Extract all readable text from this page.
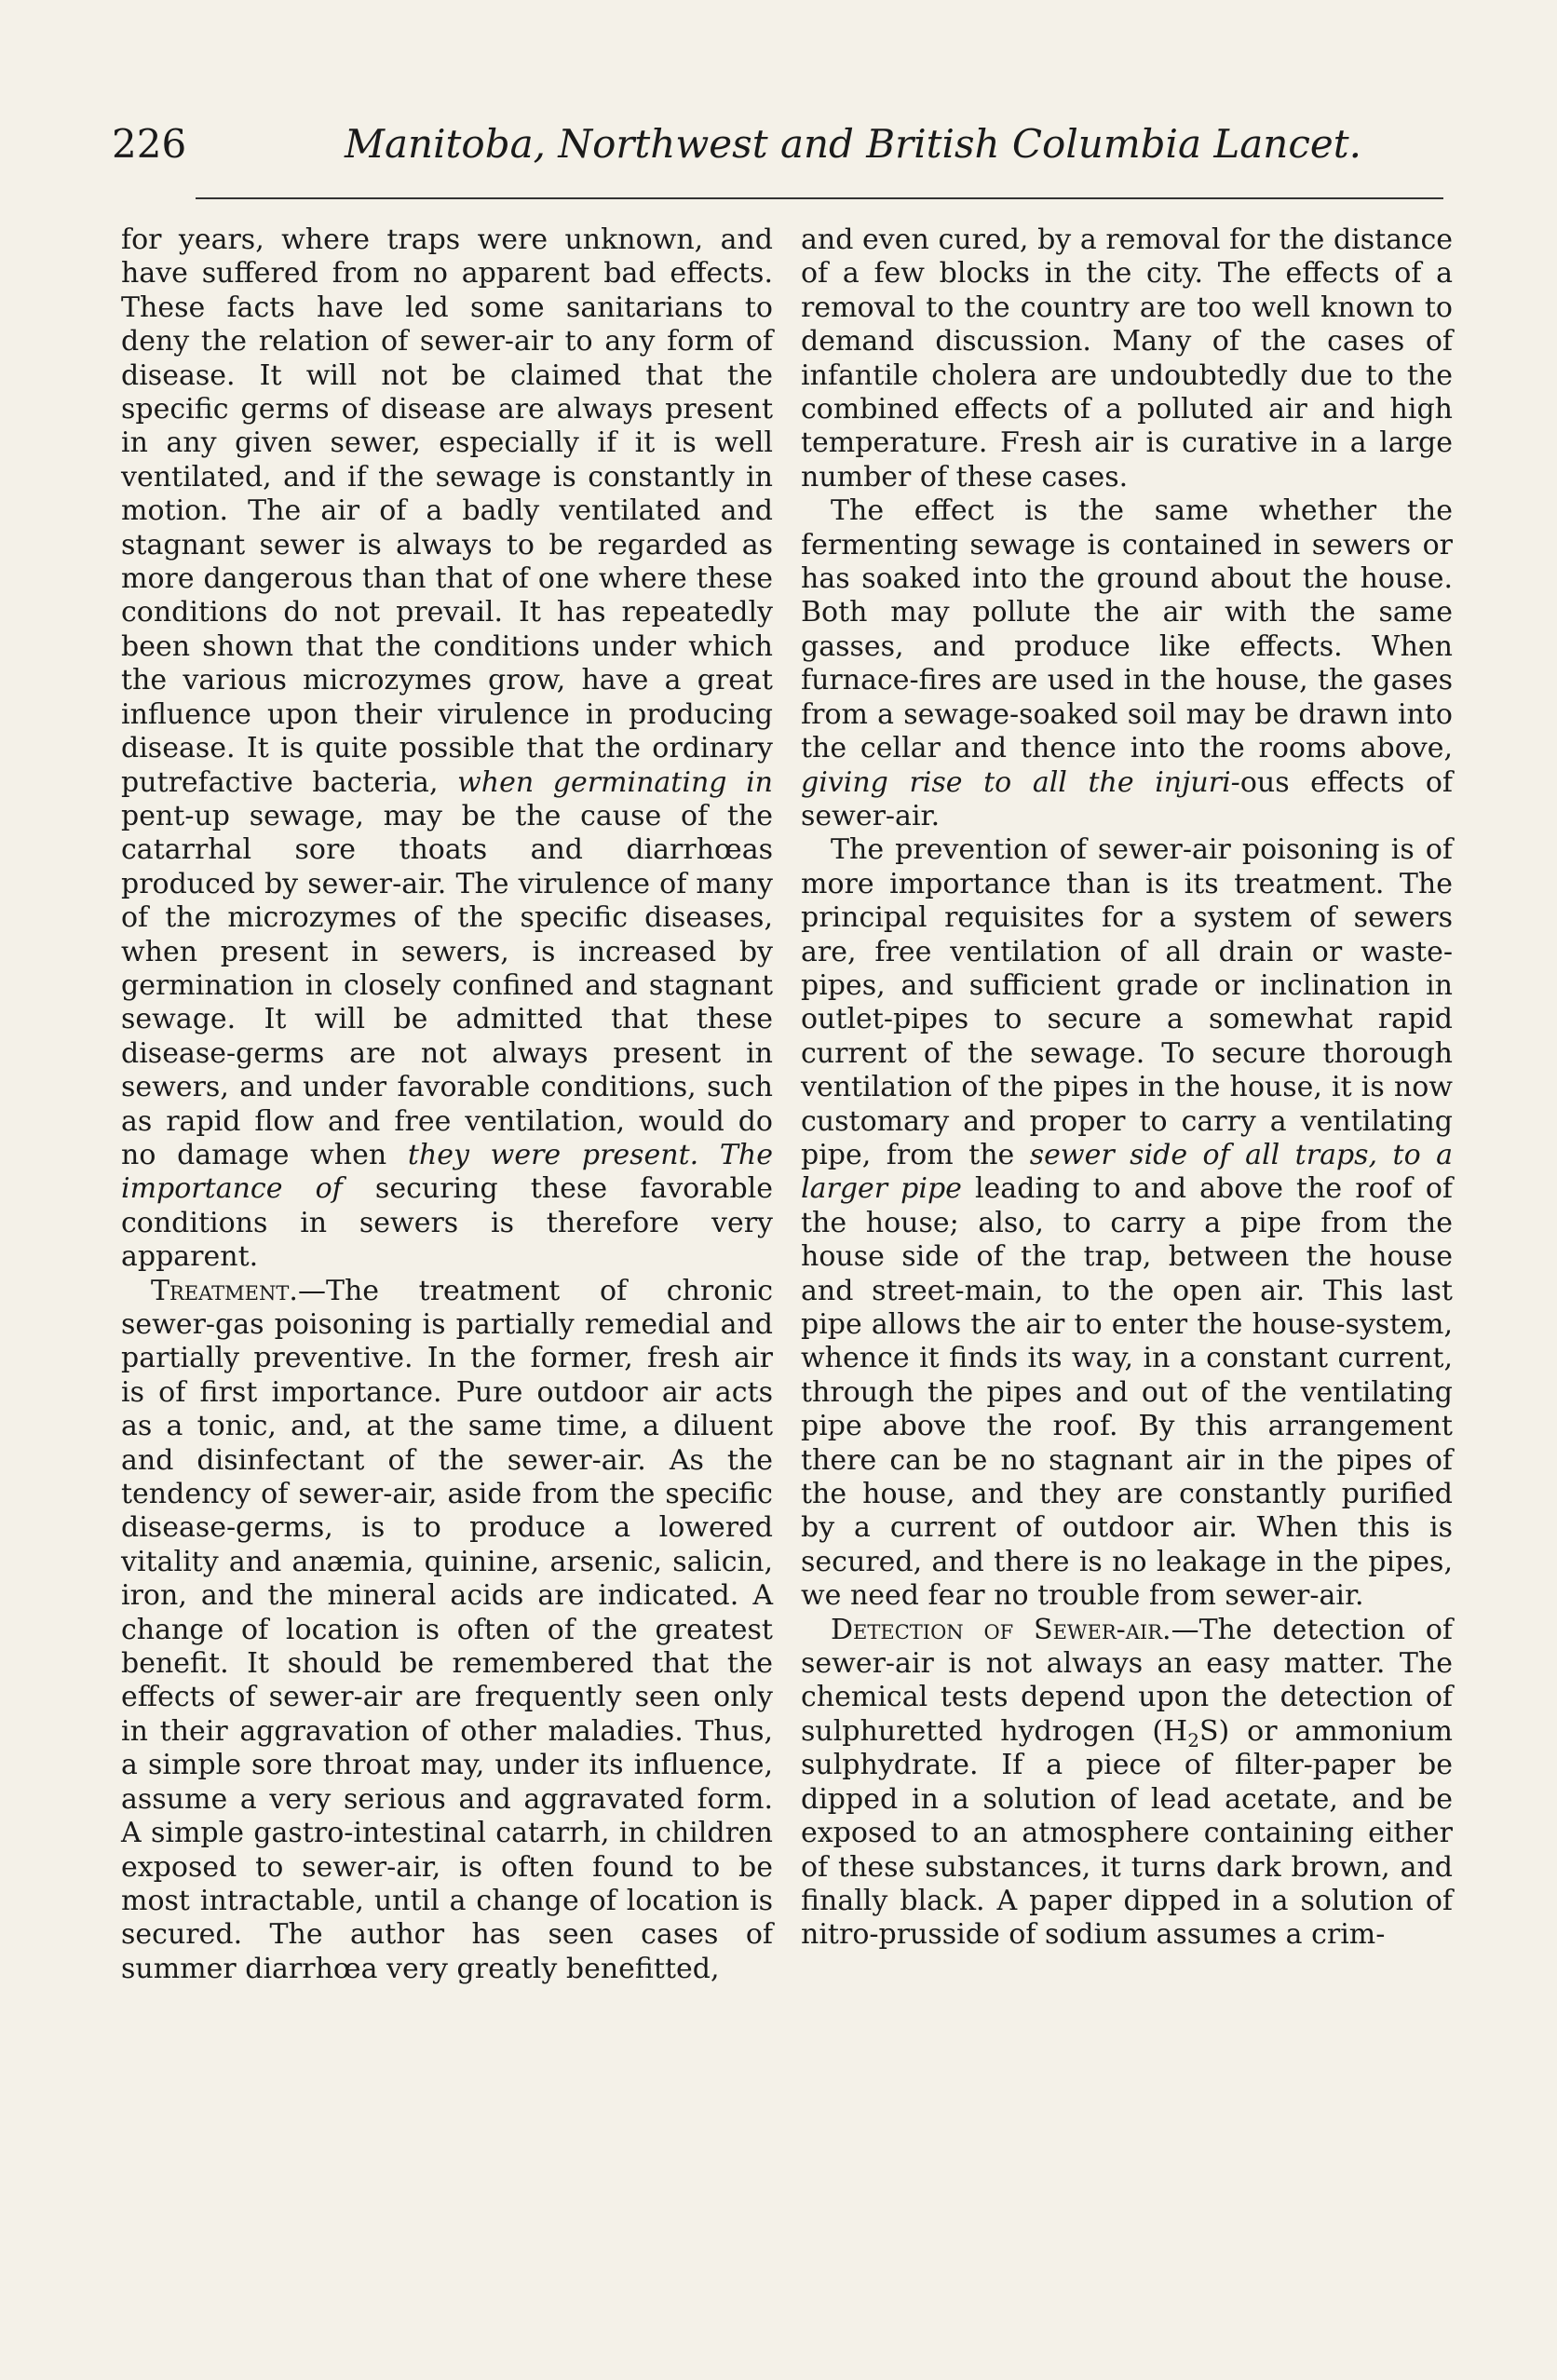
226	Manitoba, Northwest and British Columbia Lancet.

for years, where traps were unknown, and have suffered from no apparent bad effects. These facts have led some sanitarians to deny the relation of sewer-air to any form of disease. It will not be claimed that the specific germs of disease are always present in any given sewer, especially if it is well ventilated, and if the sewage is constantly in motion. The air of a badly ventilated and stagnant sewer is always to be regarded as more dangerous than that of one where these conditions do not prevail. It has repeatedly been shown that the conditions under which the various microzymes grow, have a great influence upon their virulence in producing disease. It is quite possible that the ordinary putrefactive bacteria, when germinating in pent-up sewage, may be the cause of the catarrhal sore thoats and diarrhœas produced by sewer-air. The virulence of many of the microzymes of the specific diseases, when present in sewers, is increased by germination in closely confined and stagnant sewage. It will be admitted that these disease-germs are not always present in sewers, and under favorable conditions, such as rapid flow and free ventilation, would do no damage when they were present. The importance of securing these favorable conditions in sewers is therefore very apparent.

Treatment.—The treatment of chronic sewer-gas poisoning is partially remedial and partially preventive. In the former, fresh air is of first importance. Pure outdoor air acts as a tonic, and, at the same time, a diluent and disinfectant of the sewer-air. As the tendency of sewer-air, aside from the specific disease-germs, is to produce a lowered vitality and anæmia, quinine, arsenic, salicin, iron, and the mineral acids are indicated. A change of location is often of the greatest benefit. It should be remembered that the effects of sewer-air are frequently seen only in their aggravation of other maladies. Thus, a simple sore throat may, under its influence, assume a very serious and aggravated form. A simple gastro-intestinal catarrh, in children exposed to sewer-air, is often found to be most intractable, until a change of location is secured. The author has seen cases of summer diarrhœa very greatly benefitted,

and even cured, by a removal for the distance of a few blocks in the city. The effects of a removal to the country are too well known to demand discussion. Many of the cases of infantile cholera are undoubtedly due to the combined effects of a polluted air and high temperature. Fresh air is curative in a large number of these cases.

The effect is the same whether the fermenting sewage is contained in sewers or has soaked into the ground about the house. Both may pollute the air with the same gasses, and produce like effects. When furnace-fires are used in the house, the gases from a sewage-soaked soil may be drawn into the cellar and thence into the rooms above, giving rise to all the injuri-ous effects of sewer-air.

The prevention of sewer-air poisoning is of more importance than is its treatment. The principal requisites for a system of sewers are, free ventilation of all drain or waste-pipes, and sufficient grade or inclination in outlet-pipes to secure a somewhat rapid current of the sewage. To secure thorough ventilation of the pipes in the house, it is now customary and proper to carry a ventilating pipe, from the sewer side of all traps, to a larger pipe leading to and above the roof of the house; also, to carry a pipe from the house side of the trap, between the house and street-main, to the open air. This last pipe allows the air to enter the house-system, whence it finds its way, in a constant current, through the pipes and out of the ventilating pipe above the roof. By this arrangement there can be no stagnant air in the pipes of the house, and they are constantly purified by a current of outdoor air. When this is secured, and there is no leakage in the pipes, we need fear no trouble from sewer-air.

Detection of Sewer-air.—The detection of sewer-air is not always an easy matter. The chemical tests depend upon the detection of sulphuretted hydrogen $(H_2S)$ or ammonium sulphydrate. If a piece of filter-paper be dipped in a solution of lead acetate, and be exposed to an atmosphere containing either of these substances, it turns dark brown, and finally black. A paper dipped in a solution of nitro-prusside of sodium assumes a crim-
